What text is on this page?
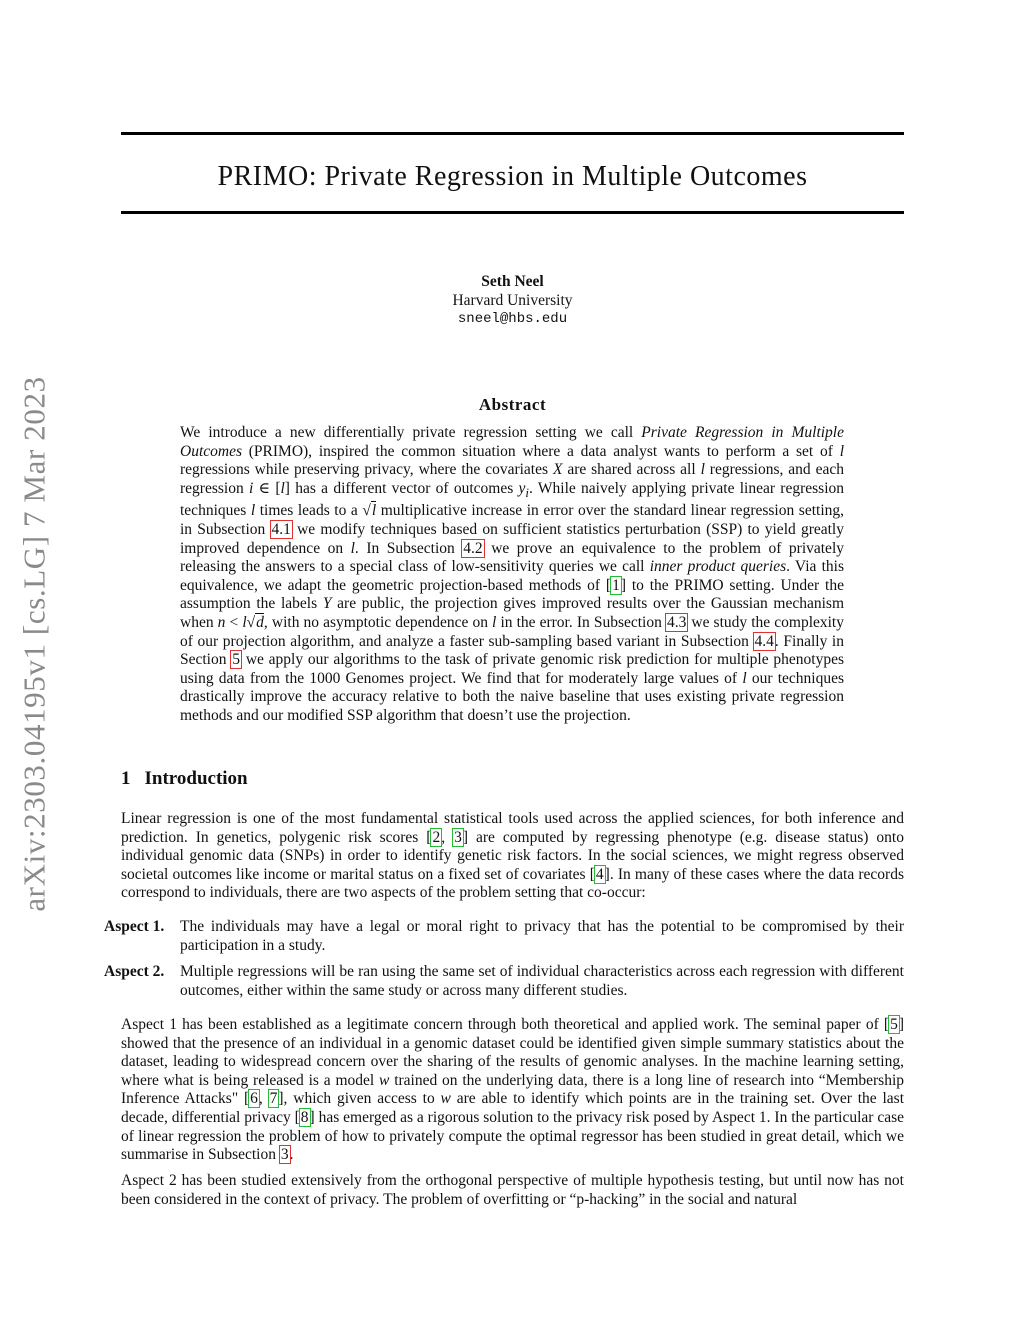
arXiv:2303.04195v1 [cs.LG] 7 Mar 2023
PRIMO: Private Regression in Multiple Outcomes
Seth Neel
Harvard University
sneel@hbs.edu
Abstract
We introduce a new differentially private regression setting we call Private Regression in Multiple Outcomes (PRIMO), inspired the common situation where a data analyst wants to perform a set of l regressions while preserving privacy, where the covariates X are shared across all l regressions, and each regression i ∈ [l] has a different vector of outcomes $y_i$. While naively applying private linear regression techniques l times leads to a √l multiplicative increase in error over the standard linear regression setting, in Subsection 4.1 we modify techniques based on sufficient statistics perturbation (SSP) to yield greatly improved dependence on l. In Subsection 4.2 we prove an equivalence to the problem of privately releasing the answers to a special class of low-sensitivity queries we call inner product queries. Via this equivalence, we adapt the geometric projection-based methods of [1] to the PRIMO setting. Under the assumption the labels Y are public, the projection gives improved results over the Gaussian mechanism when n < l√d, with no asymptotic dependence on l in the error. In Subsection 4.3 we study the complexity of our projection algorithm, and analyze a faster sub-sampling based variant in Subsection 4.4. Finally in Section 5 we apply our algorithms to the task of private genomic risk prediction for multiple phenotypes using data from the 1000 Genomes project. We find that for moderately large values of l our techniques drastically improve the accuracy relative to both the naive baseline that uses existing private regression methods and our modified SSP algorithm that doesn’t use the projection.
1 Introduction
Linear regression is one of the most fundamental statistical tools used across the applied sciences, for both inference and prediction. In genetics, polygenic risk scores [2, 3] are computed by regressing phenotype (e.g. disease status) onto individual genomic data (SNPs) in order to identify genetic risk factors. In the social sciences, we might regress observed societal outcomes like income or marital status on a fixed set of covariates [4]. In many of these cases where the data records correspond to individuals, there are two aspects of the problem setting that co-occur:
Aspect 1.	The individuals may have a legal or moral right to privacy that has the potential to be compromised by their participation in a study.
Aspect 2.	Multiple regressions will be ran using the same set of individual characteristics across each regression with different outcomes, either within the same study or across many different studies.
Aspect 1 has been established as a legitimate concern through both theoretical and applied work. The seminal paper of [5] showed that the presence of an individual in a genomic dataset could be identified given simple summary statistics about the dataset, leading to widespread concern over the sharing of the results of genomic analyses. In the machine learning setting, where what is being released is a model w trained on the underlying data, there is a long line of research into “Membership Inference Attacks" [6, 7], which given access to w are able to identify which points are in the training set. Over the last decade, differential privacy [8] has emerged as a rigorous solution to the privacy risk posed by Aspect 1. In the particular case of linear regression the problem of how to privately compute the optimal regressor has been studied in great detail, which we summarise in Subsection 3.
Aspect 2 has been studied extensively from the orthogonal perspective of multiple hypothesis testing, but until now has not been considered in the context of privacy. The problem of overfitting or “p-hacking” in the social and natural
